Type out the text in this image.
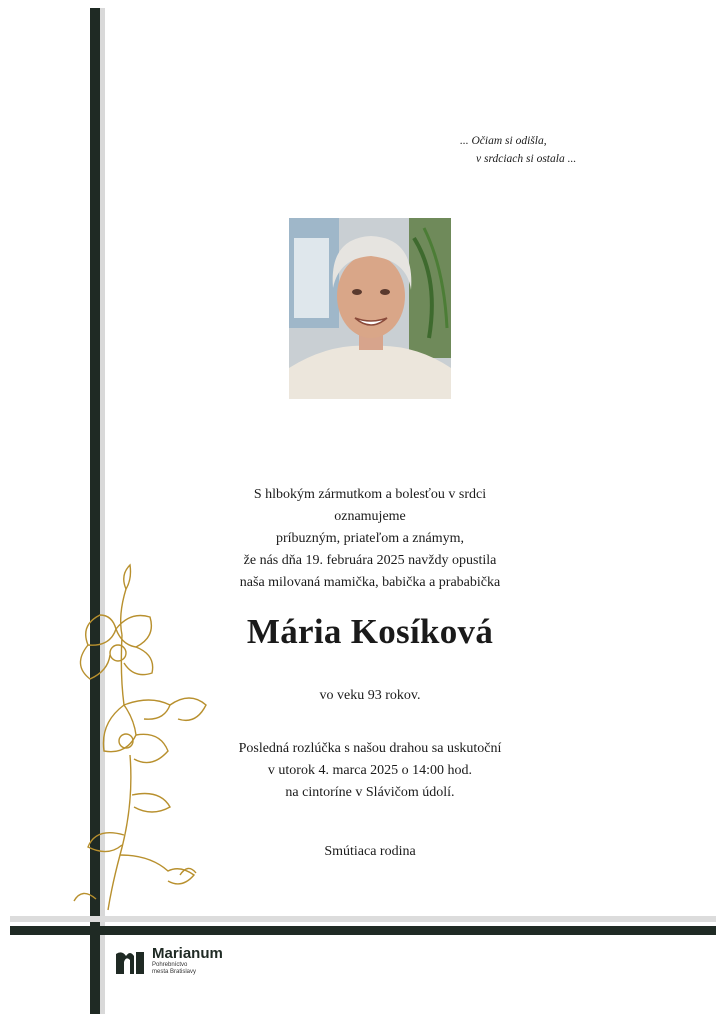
... Očiam si odišla,
v srdciach si ostala ...
S hlbokým zármutkom a bolesťou v srdci
oznamujeme
príbuzným, priateľom a známym,
že nás dňa 19. februára 2025 navždy opustila
naša milovaná mamička, babička a prababička
Mária Kosíková
vo veku 93 rokov.
Posledná rozlúčka s našou drahou sa uskutoční
v utorok 4. marca 2025 o 14:00 hod.
na cintoríne v Slávičom údolí.
Smútiaca rodina
Marianum
Pohrebníctvo
mesta Bratislavy
